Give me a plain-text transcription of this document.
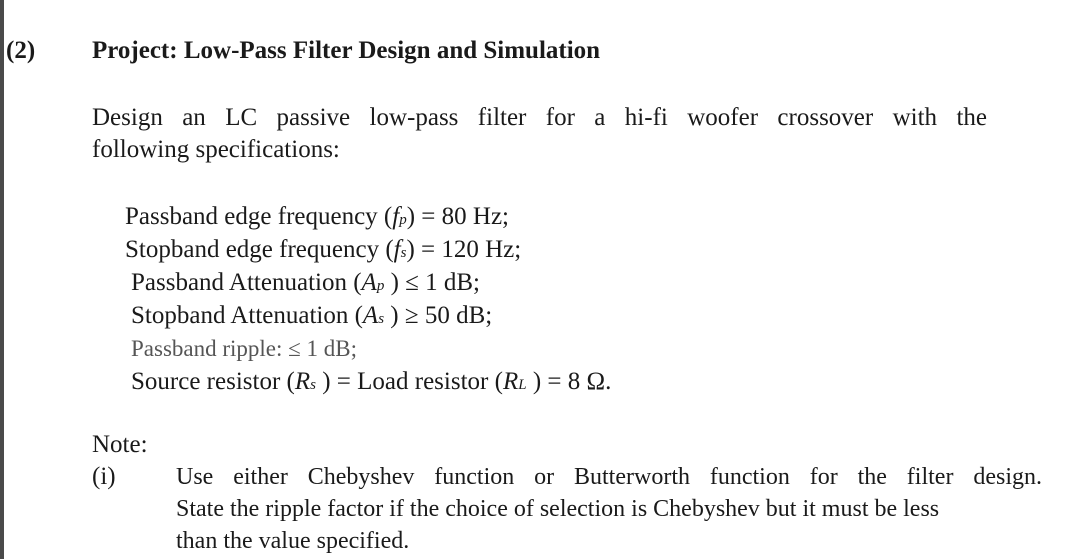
(2) Project: Low-Pass Filter Design and Simulation
Design an LC passive low-pass filter for a hi-fi woofer crossover with the
following specifications:
Passband edge frequency (fp) = 80 Hz;
Stopband edge frequency (fs) = 120 Hz;
Passband Attenuation (Ap ) ≤ 1 dB;
Stopband Attenuation (As ) ≥ 50 dB;
Passband ripple: ≤ 1 dB;
Source resistor (Rs ) = Load resistor (RL ) = 8 Ω.
Note:
(i)	Use either Chebyshev function or Butterworth function for the filter design.
State the ripple factor if the choice of selection is Chebyshev but it must be less
than the value specified.
